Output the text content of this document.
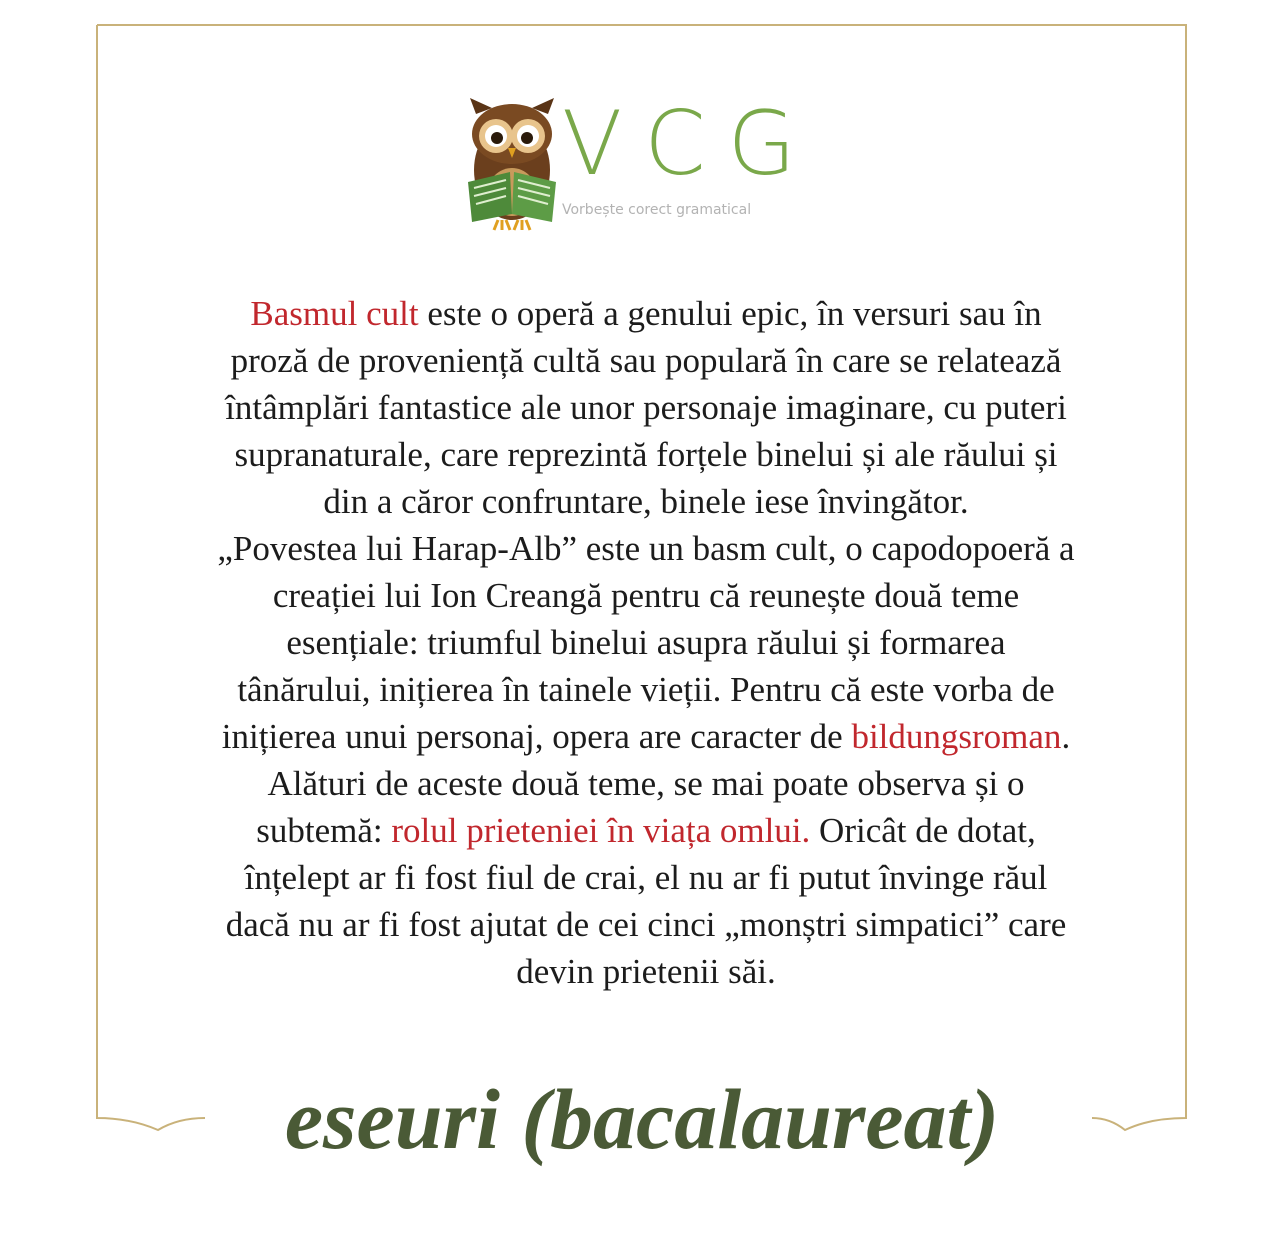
VCG
Vorbește corect gramatical

Basmul cult este o operă a genului epic, în versuri sau în
proză de proveniență cultă sau populară în care se relatează
întâmplări fantastice ale unor personaje imaginare, cu puteri
supranaturale, care reprezintă forțele binelui și ale răului și
din a căror confruntare, binele iese învingător.
„Povestea lui Harap-Alb” este un basm cult, o capodopoeră a
creației lui Ion Creangă pentru că reunește două teme
esențiale: triumful binelui asupra răului și formarea
tânărului, inițierea în tainele vieții. Pentru că este vorba de
inițierea unui personaj, opera are caracter de bildungsroman.
Alături de aceste două teme, se mai poate observa și o
subtemă: rolul prieteniei în viața omlui. Oricât de dotat,
înțelept ar fi fost fiul de crai, el nu ar fi putut învinge răul
dacă nu ar fi fost ajutat de cei cinci „monștri simpatici” care
devin prietenii săi.

eseuri (bacalaureat)
